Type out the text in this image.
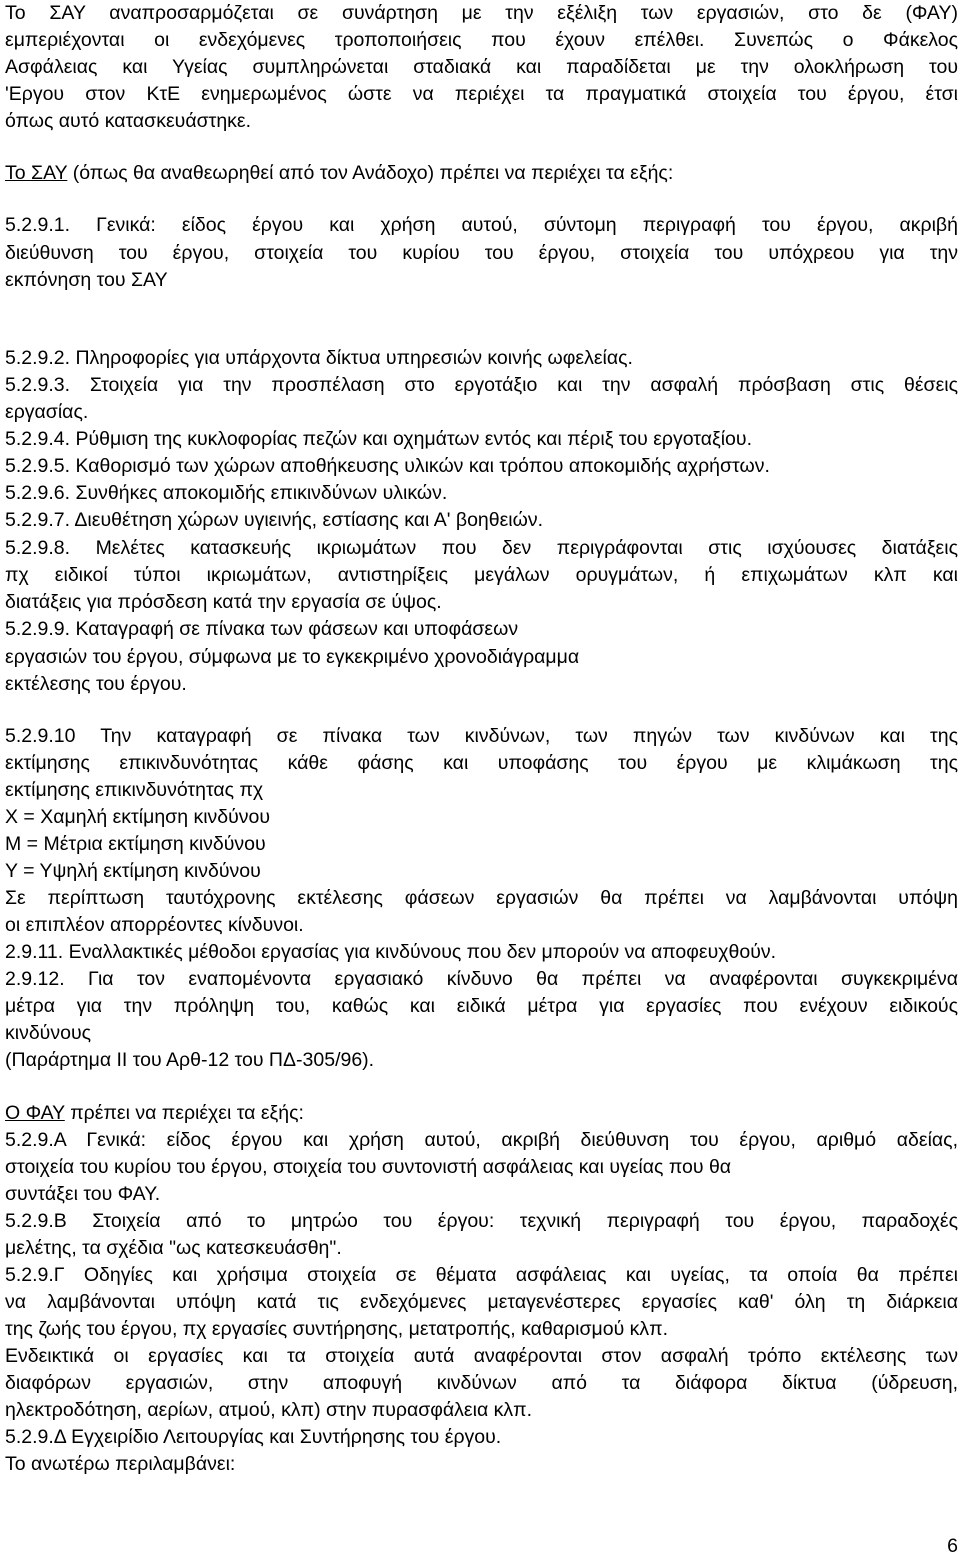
Το ΣΑΥ αναπροσαρμόζεται σε συνάρτηση με την εξέλιξη των εργασιών, στο δε (ΦΑΥ)
εμπεριέχονται οι ενδεχόμενες τροποποιήσεις που έχουν επέλθει. Συνεπώς ο Φάκελος
Ασφάλειας και Υγείας συμπληρώνεται σταδιακά και παραδίδεται με την ολοκλήρωση του
'Εργου στον ΚτΕ ενημερωμένος ώστε να περιέχει τα πραγματικά στοιχεία του έργου, έτσι
όπως αυτό κατασκευάστηκε.
Το ΣΑΥ (όπως θα αναθεωρηθεί από τον Ανάδοχο) πρέπει να περιέχει τα εξής:
5.2.9.1. Γενικά: είδος έργου και χρήση αυτού, σύντομη περιγραφή του έργου, ακριβή
διεύθυνση του έργου, στοιχεία του κυρίου του έργου, στοιχεία του υπόχρεου για την
εκπόνηση του ΣΑΥ
5.2.9.2. Πληροφορίες για υπάρχοντα δίκτυα υπηρεσιών κοινής ωφελείας.
5.2.9.3. Στοιχεία για την προσπέλαση στο εργοτάξιο και την ασφαλή πρόσβαση στις θέσεις
εργασίας.
5.2.9.4. Ρύθμιση της κυκλοφορίας πεζών και οχημάτων εντός και πέριξ του εργοταξίου.
5.2.9.5. Καθορισμό των χώρων αποθήκευσης υλικών και τρόπου αποκομιδής αχρήστων.
5.2.9.6. Συνθήκες αποκομιδής επικινδύνων υλικών.
5.2.9.7. Διευθέτηση χώρων υγιεινής, εστίασης και Α' βοηθειών.
5.2.9.8. Μελέτες κατασκευής ικριωμάτων που δεν περιγράφονται στις ισχύουσες διατάξεις
πχ ειδικοί τύποι ικριωμάτων, αντιστηρίξεις μεγάλων ορυγμάτων, ή επιχωμάτων κλπ και
διατάξεις για πρόσδεση κατά την εργασία σε ύψος.
5.2.9.9. Καταγραφή σε πίνακα των φάσεων και υποφάσεων
εργασιών του έργου, σύμφωνα με το εγκεκριμένο χρονοδιάγραμμα
εκτέλεσης του έργου.
5.2.9.10 Την καταγραφή σε πίνακα των κινδύνων, των πηγών των κινδύνων και της
εκτίμησης επικινδυνότητας κάθε φάσης και υποφάσης του έργου με κλιμάκωση της
εκτίμησης επικινδυνότητας πχ
Χ = Χαμηλή εκτίμηση κινδύνου
Μ = Μέτρια εκτίμηση κινδύνου
Υ = Υψηλή εκτίμηση κινδύνου
Σε περίπτωση ταυτόχρονης εκτέλεσης φάσεων εργασιών θα πρέπει να λαμβάνονται υπόψη
οι επιπλέον απορρέοντες κίνδυνοι.
2.9.11. Εναλλακτικές μέθοδοι εργασίας για κινδύνους που δεν μπορούν να αποφευχθούν.
2.9.12. Για τον εναπομένοντα εργασιακό κίνδυνο θα πρέπει να αναφέρονται συγκεκριμένα
μέτρα για την πρόληψη του, καθώς και ειδικά μέτρα για εργασίες που ενέχουν ειδικούς
κινδύνους
(Παράρτημα ΙΙ του Αρθ-12 του ΠΔ-305/96).
Ο ΦΑΥ πρέπει να περιέχει τα εξής:
5.2.9.Α Γενικά: είδος έργου και χρήση αυτού, ακριβή διεύθυνση του έργου, αριθμό αδείας,
στοιχεία του κυρίου του έργου, στοιχεία του συντονιστή ασφάλειας και υγείας που θα
συντάξει του ΦΑΥ.
5.2.9.Β Στοιχεία από το μητρώο του έργου: τεχνική περιγραφή του έργου, παραδοχές
μελέτης, τα σχέδια "ως κατεσκευάσθη".
5.2.9.Γ Οδηγίες και χρήσιμα στοιχεία σε θέματα ασφάλειας και υγείας, τα οποία θα πρέπει
να λαμβάνονται υπόψη κατά τις ενδεχόμενες μεταγενέστερες εργασίες καθ' όλη τη διάρκεια
της ζωής του έργου, πχ εργασίες συντήρησης, μετατροπής, καθαρισμού κλπ.
Ενδεικτικά οι εργασίες και τα στοιχεία αυτά αναφέρονται στον ασφαλή τρόπο εκτέλεσης των
διαφόρων εργασιών, στην αποφυγή κινδύνων από τα διάφορα δίκτυα (ύδρευση,
ηλεκτροδότηση, αερίων, ατμού, κλπ) στην πυρασφάλεια κλπ.
5.2.9.Δ Εγχειρίδιο Λειτουργίας και Συντήρησης του έργου.
Το ανωτέρω περιλαμβάνει:
6
